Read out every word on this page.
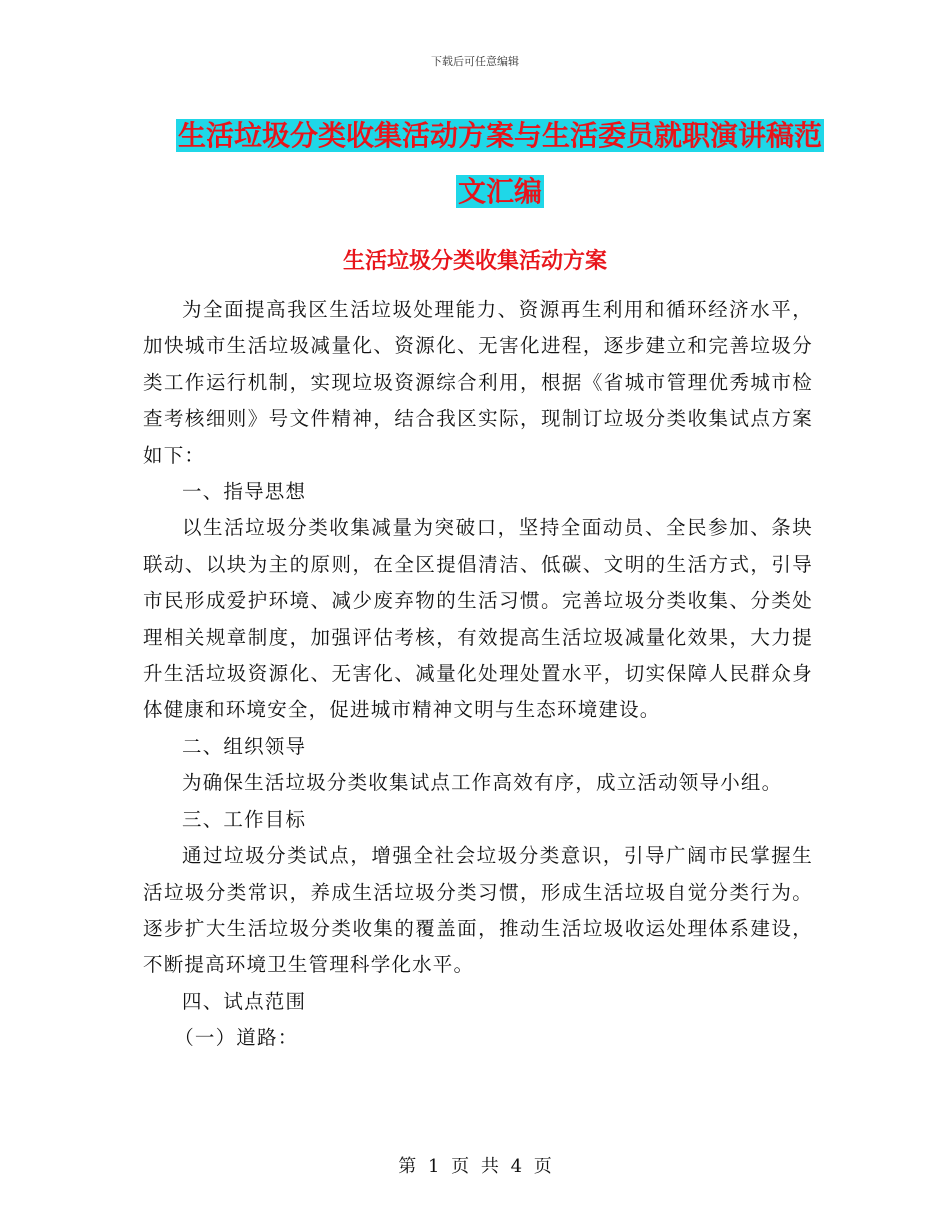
下载后可任意编辑
生活垃圾分类收集活动方案与生活委员就职演讲稿范
文汇编
生活垃圾分类收集活动方案

为全面提高我区生活垃圾处理能力、资源再生利用和循环经济水平，加快城市生活垃圾减量化、资源化、无害化进程，逐步建立和完善垃圾分类工作运行机制，实现垃圾资源综合利用，根据《省城市管理优秀城市检查考核细则》号文件精神，结合我区实际，现制订垃圾分类收集试点方案如下：

一、指导思想

以生活垃圾分类收集减量为突破口，坚持全面动员、全民参加、条块联动、以块为主的原则，在全区提倡清洁、低碳、文明的生活方式，引导市民形成爱护环境、减少废弃物的生活习惯。完善垃圾分类收集、分类处理相关规章制度，加强评估考核，有效提高生活垃圾减量化效果，大力提升生活垃圾资源化、无害化、减量化处理处置水平，切实保障人民群众身体健康和环境安全，促进城市精神文明与生态环境建设。

二、组织领导

为确保生活垃圾分类收集试点工作高效有序，成立活动领导小组。

三、工作目标

通过垃圾分类试点，增强全社会垃圾分类意识，引导广阔市民掌握生活垃圾分类常识，养成生活垃圾分类习惯，形成生活垃圾自觉分类行为。逐步扩大生活垃圾分类收集的覆盖面，推动生活垃圾收运处理体系建设，不断提高环境卫生管理科学化水平。

四、试点范围

（一）道路：

第 1 页 共 4 页
